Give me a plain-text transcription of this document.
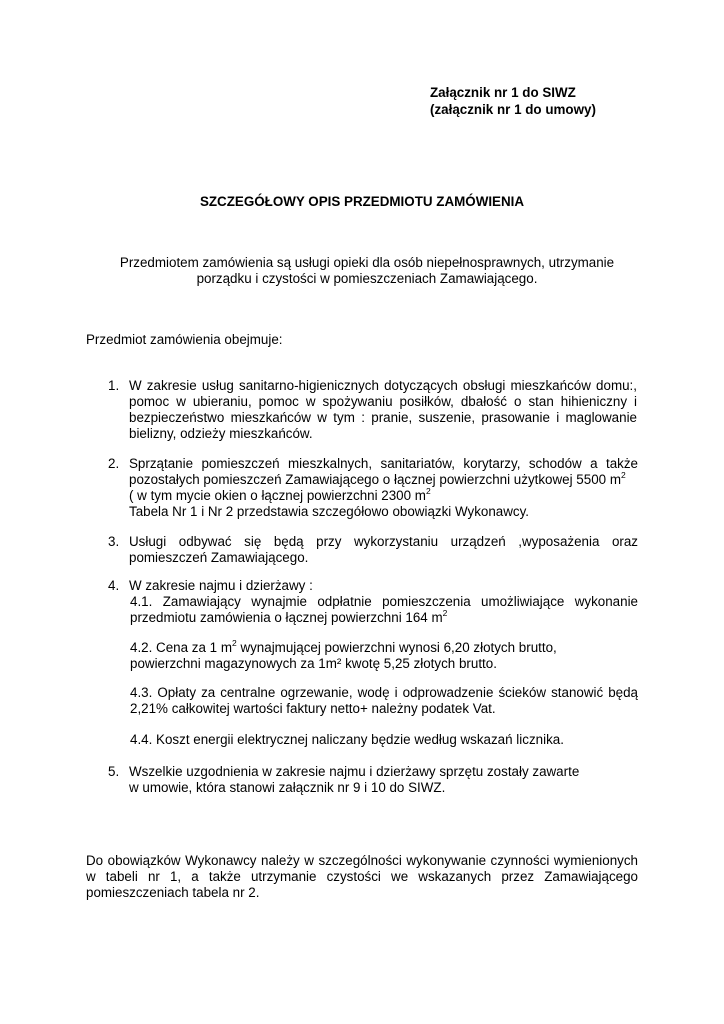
Załącznik nr 1 do SIWZ
(załącznik nr 1 do umowy)
SZCZEGÓŁOWY OPIS PRZEDMIOTU ZAMÓWIENIA
Przedmiotem zamówienia są usługi opieki dla osób niepełnosprawnych, utrzymanie
porządku i czystości w pomieszczeniach Zamawiającego.
Przedmiot zamówienia obejmuje:
1. W zakresie usług sanitarno-higienicznych dotyczących obsługi mieszkańców domu:,
pomoc w ubieraniu, pomoc w spożywaniu posiłków, dbałość o stan hihieniczny i
bezpieczeństwo mieszkańców w tym : pranie, suszenie, prasowanie i maglowanie
bielizny, odzieży mieszkańców.
2. Sprzątanie pomieszczeń mieszkalnych, sanitariatów, korytarzy, schodów a także
pozostałych pomieszczeń Zamawiającego o łącznej powierzchni użytkowej 5500 $m^2$
( w tym mycie okien o łącznej powierzchni 2300 $m^2$
Tabela Nr 1 i Nr 2 przedstawia szczegółowo obowiązki Wykonawcy.
3. Usługi odbywać się będą przy wykorzystaniu urządzeń ,wyposażenia oraz
pomieszczeń Zamawiającego.
4. W zakresie najmu i dzierżawy :
4.1. Zamawiający wynajmie odpłatnie pomieszczenia umożliwiające wykonanie
przedmiotu zamówienia o łącznej powierzchni 164 $m^2$
4.2. Cena za 1 $m^2$ wynajmującej powierzchni wynosi 6,20 złotych brutto,
powierzchni magazynowych za 1m² kwotę 5,25 złotych brutto.
4.3. Opłaty za centralne ogrzewanie, wodę i odprowadzenie ścieków stanowić będą
2,21% całkowitej wartości faktury netto+ należny podatek Vat.
4.4. Koszt energii elektrycznej naliczany będzie według wskazań licznika.
5. Wszelkie uzgodnienia w zakresie najmu i dzierżawy sprzętu zostały zawarte
w umowie, która stanowi załącznik nr 9 i 10 do SIWZ.
Do obowiązków Wykonawcy należy w szczególności wykonywanie czynności wymienionych
w tabeli nr 1, a także utrzymanie czystości we wskazanych przez Zamawiającego
pomieszczeniach tabela nr 2.
